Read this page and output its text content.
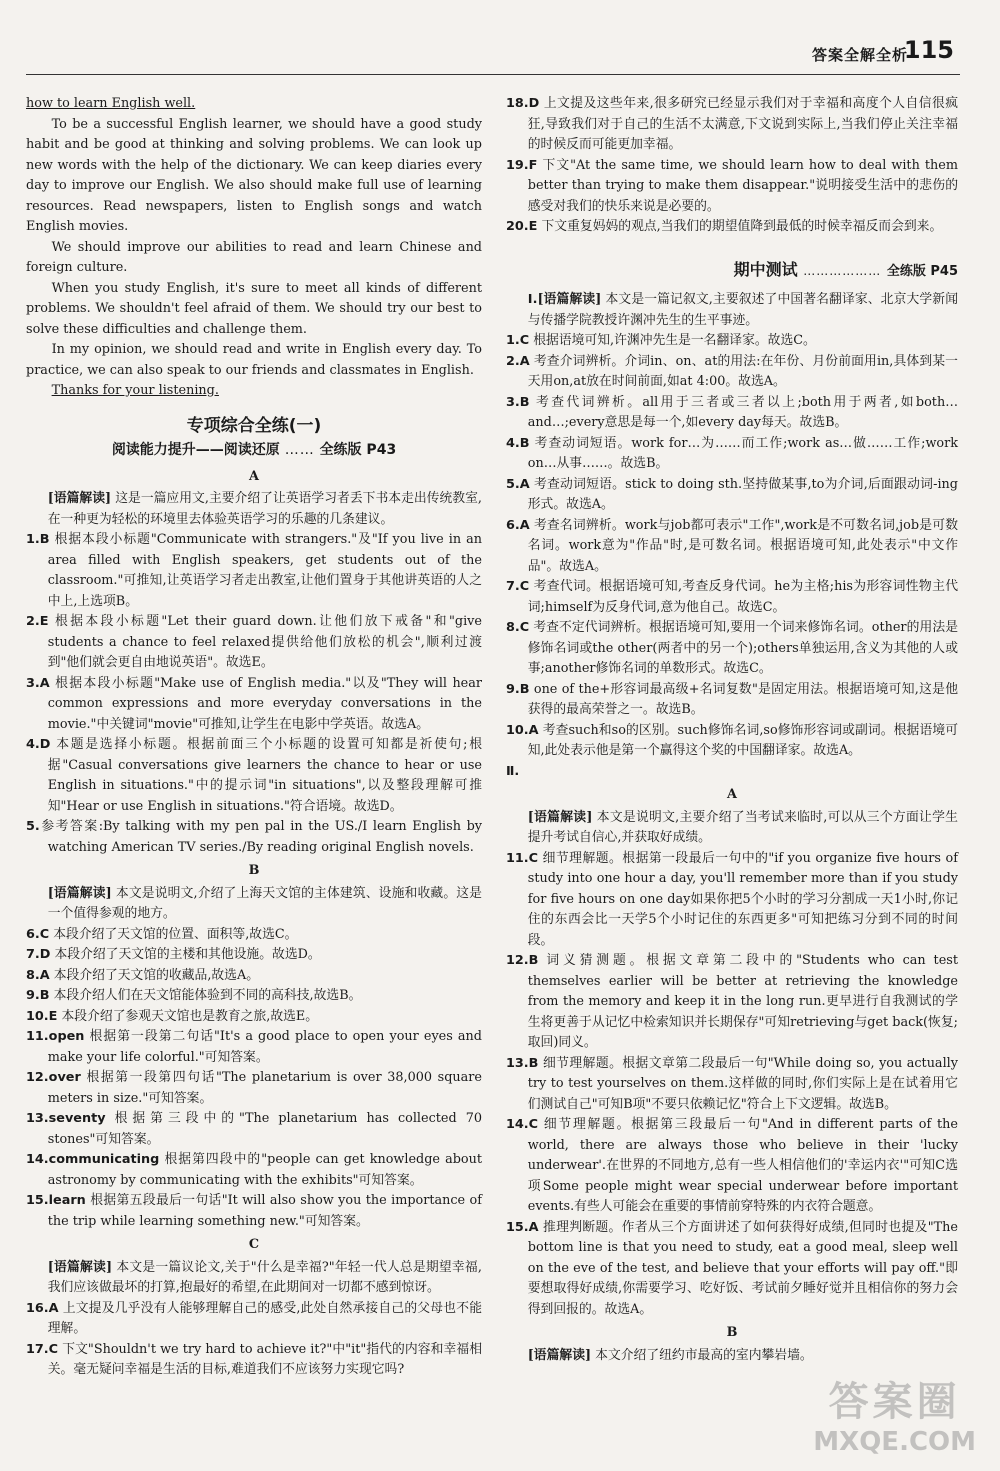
答案全解全析
115

how to learn English well.

To be a successful English learner, we should have a good study habit and be good at thinking and solving problems. We can look up new words with the help of the dictionary. We can keep diaries every day to improve our English. We also should make full use of learning resources. Read newspapers, listen to English songs and watch English movies.

We should improve our abilities to read and learn Chinese and foreign culture.

When you study English, it's sure to meet all kinds of different problems. We shouldn't feel afraid of them. We should try our best to solve these difficulties and challenge them.

In my opinion, we should read and write in English every day. To practice, we can also speak to our friends and classmates in English.

Thanks for your listening.

专项综合全练(一)
阅读能力提升——阅读还原 …… 全练版 P43
A

[语篇解读] 这是一篇应用文,主要介绍了让英语学习者丢下书本走出传统教室,在一种更为轻松的环境里去体验英语学习的乐趣的几条建议。

1.B 根据本段小标题"Communicate with strangers."及"If you live in an area filled with English speakers, get students out of the classroom."可推知,让英语学习者走出教室,让他们置身于其他讲英语的人之中上,上选项B。

2.E 根据本段小标题"Let their guard down.让他们放下戒备"和"give students a chance to feel relaxed提供给他们放松的机会",顺利过渡到"他们就会更自由地说英语"。故选E。

3.A 根据本段小标题"Make use of English media."以及"They will hear common expressions and more everyday conversations in the movie."中关键词"movie"可推知,让学生在电影中学英语。故选A。

4.D 本题是选择小标题。根据前面三个小标题的设置可知都是祈使句;根据"Casual conversations give learners the chance to hear or use English in situations."中的提示词"in situations",以及整段理解可推知"Hear or use English in situations."符合语境。故选D。

5.参考答案:By talking with my pen pal in the US./I learn English by watching American TV series./By reading original English novels.

B

[语篇解读] 本文是说明文,介绍了上海天文馆的主体建筑、设施和收藏。这是一个值得参观的地方。

6.C 本段介绍了天文馆的位置、面积等,故选C。

7.D 本段介绍了天文馆的主楼和其他设施。故选D。

8.A 本段介绍了天文馆的收藏品,故选A。

9.B 本段介绍人们在天文馆能体验到不同的高科技,故选B。

10.E 本段介绍了参观天文馆也是教育之旅,故选E。

11.open 根据第一段第二句话"It's a good place to open your eyes and make your life colorful."可知答案。

12.over 根据第一段第四句话"The planetarium is over 38,000 square meters in size."可知答案。

13.seventy 根据第三段中的"The planetarium has collected 70 stones"可知答案。

14.communicating 根据第四段中的"people can get knowledge about astronomy by communicating with the exhibits"可知答案。

15.learn 根据第五段最后一句话"It will also show you the importance of the trip while learning something new."可知答案。

C

[语篇解读] 本文是一篇议论文,关于"什么是幸福?"年轻一代人总是期望幸福,我们应该做最坏的打算,抱最好的希望,在此期间对一切都不感到惊讶。

16.A 上文提及几乎没有人能够理解自己的感受,此处自然承接自己的父母也不能理解。

17.C 下文"Shouldn't we try hard to achieve it?"中"it"指代的内容和幸福相关。毫无疑问幸福是生活的目标,难道我们不应该努力实现它吗?

18.D 上文提及这些年来,很多研究已经显示我们对于幸福和高度个人自信很疯狂,导致我们对于自己的生活不太满意,下文说到实际上,当我们停止关注幸福的时候反而可能更加幸福。

19.F 下文"At the same time, we should learn how to deal with them better than trying to make them disappear."说明接受生活中的悲伤的感受对我们的快乐来说是必要的。

20.E 下文重复妈妈的观点,当我们的期望值降到最低的时候幸福反而会到来。

期中测试 ……………… 全练版 P45

Ⅰ.[语篇解读] 本文是一篇记叙文,主要叙述了中国著名翻译家、北京大学新闻与传播学院教授许渊冲先生的生平事迹。

1.C 根据语境可知,许渊冲先生是一名翻译家。故选C。

2.A 考查介词辨析。介词in、on、at的用法:在年份、月份前面用in,具体到某一天用on,at放在时间前面,如at 4:00。故选A。

3.B 考查代词辨析。all用于三者或三者以上;both用于两者,如both…and…;every意思是每一个,如every day每天。故选B。

4.B 考查动词短语。work for…为……而工作;work as…做……工作;work on…从事……。故选B。

5.A 考查动词短语。stick to doing sth.坚持做某事,to为介词,后面跟动词-ing形式。故选A。

6.A 考查名词辨析。work与job都可表示"工作",work是不可数名词,job是可数名词。work意为"作品"时,是可数名词。根据语境可知,此处表示"中文作品"。故选A。

7.C 考查代词。根据语境可知,考查反身代词。he为主格;his为形容词性物主代词;himself为反身代词,意为他自己。故选C。

8.C 考查不定代词辨析。根据语境可知,要用一个词来修饰名词。other的用法是修饰名词或the other(两者中的另一个);others单独运用,含义为其他的人或事;another修饰名词的单数形式。故选C。

9.B one of the+形容词最高级+名词复数"是固定用法。根据语境可知,这是他获得的最高荣誉之一。故选B。

10.A 考查such和so的区别。such修饰名词,so修饰形容词或副词。根据语境可知,此处表示他是第一个赢得这个奖的中国翻译家。故选A。

Ⅱ.

A

[语篇解读] 本文是说明文,主要介绍了当考试来临时,可以从三个方面让学生提升考试自信心,并获取好成绩。

11.C 细节理解题。根据第一段最后一句中的"if you organize five hours of study into one hour a day, you'll remember more than if you study for five hours on one day如果你把5个小时的学习分割成一天1小时,你记住的东西会比一天学5个小时记住的东西更多"可知把练习分到不同的时间段。

12.B 词义猜测题。根据文章第二段中的"Students who can test themselves earlier will be better at retrieving the knowledge from the memory and keep it in the long run.更早进行自我测试的学生将更善于从记忆中检索知识并长期保存"可知retrieving与get back(恢复;取回)同义。

13.B 细节理解题。根据文章第二段最后一句"While doing so, you actually try to test yourselves on them.这样做的同时,你们实际上是在试着用它们测试自己"可知B项"不要只依赖记忆"符合上下文逻辑。故选B。

14.C 细节理解题。根据第三段最后一句"And in different parts of the world, there are always those who believe in their 'lucky underwear'.在世界的不同地方,总有一些人相信他们的'幸运内衣'"可知C选项Some people might wear special underwear before important events.有些人可能会在重要的事情前穿特殊的内衣符合题意。

15.A 推理判断题。作者从三个方面讲述了如何获得好成绩,但同时也提及"The bottom line is that you need to study, eat a good meal, sleep well on the eve of the test, and believe that your efforts will pay off."即要想取得好成绩,你需要学习、吃好饭、考试前夕睡好觉并且相信你的努力会得到回报的。故选A。

B

[语篇解读] 本文介绍了纽约市最高的室内攀岩墙。

答案圈
MXQE.COM
